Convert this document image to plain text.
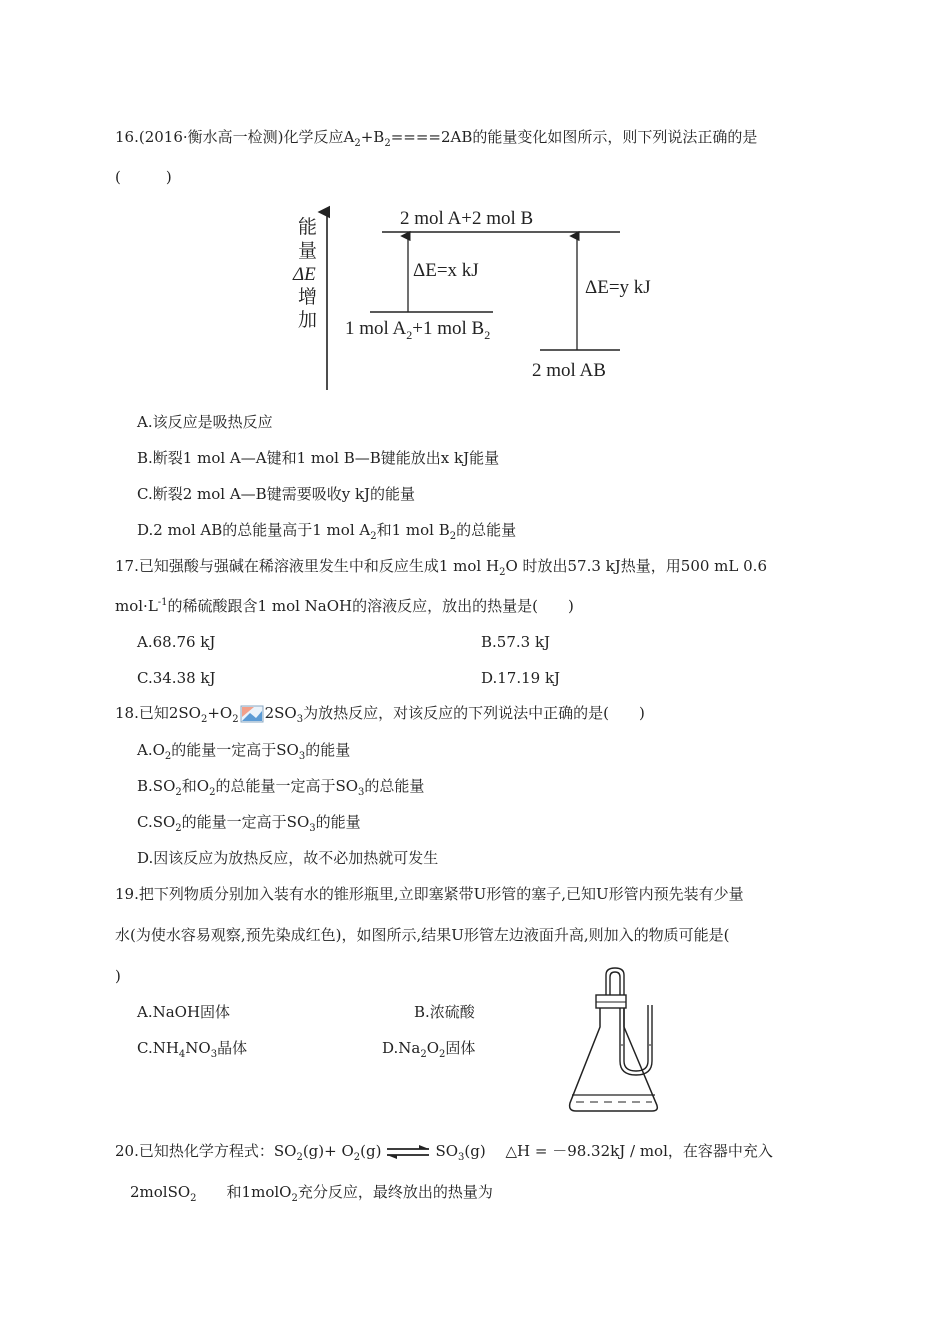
16.(2016·衡水高一检测)化学反应$A_2+B_2====2AB$的能量变化如图所示，则下列说法正确的是
(　　　)
能
量
ΔE
增
加
2 mol A+2 mol B
ΔE=x kJ
ΔE=y kJ
1 mol $A_2+1$ mol $B_2$
2 mol AB
A.该反应是吸热反应
B.断裂1 mol A—A键和1 mol B—B键能放出x kJ能量
C.断裂2 mol A—B键需要吸收y kJ的能量
D.2 mol AB的总能量高于1 mol $A_2$和1 mol $B_2$的总能量
17.已知强酸与强碱在稀溶液里发生中和反应生成1 mol $H_2O$ 时放出57.3 kJ热量，用500 mL 0.6
$mol\cdot L^{-1}$的稀硫酸跟含1 mol NaOH的溶液反应，放出的热量是(　　)
A.68.76 kJ	B.57.3 kJ
C.34.38 kJ	D.17.19 kJ
18.已知$2SO_2+O_2$ $2SO_3$为放热反应，对该反应的下列说法中正确的是(　　)
$A.O_2$的能量一定高于$SO_3$的能量
$B.SO_2$和$O_2$的总能量一定高于$SO_3$的总能量
$C.SO_2$的能量一定高于$SO_3$的能量
D.因该反应为放热反应，故不必加热就可发生
19.把下列物质分别加入装有水的锥形瓶里,立即塞紧带U形管的塞子,已知U形管内预先装有少量
水(为使水容易观察,预先染成红色)，如图所示,结果U形管左边液面升高,则加入的物质可能是(
)
A.NaOH固体	B.浓硫酸
$C.NH_4NO_3$晶体	$D.Na_2O_2$固体
20.已知热化学方程式：$SO_2(g)+ O_2(g)$ ⇌ $SO_3(g)$　 △H = －98.32kJ / mol，在容器中充入
2molSO$_2$ 和1molO$_2$充分反应，最终放出的热量为
